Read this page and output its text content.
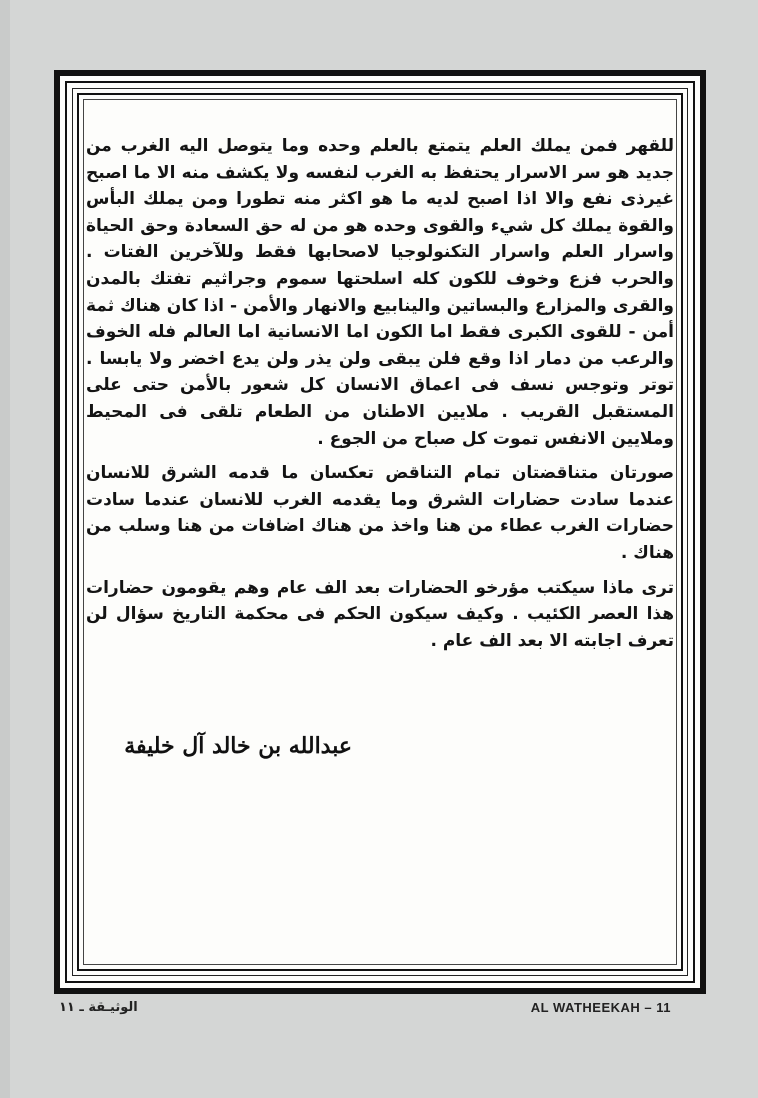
للقهر فمن يملك العلم يتمتع بالعلم وحده وما يتوصل اليه الغرب من جديد هو سر الاسرار يحتفظ به الغرب لنفسه ولا يكشف منه الا ما اصبح غيرذى نفع والا اذا اصبح لديه ما هو اكثر منه تطورا ومن يملك البأس والقوة يملك كل شيء والقوى وحده هو من له حق السعادة وحق الحياة واسرار العلم واسرار التكنولوجيا لاصحابها فقط وللآخرين الفتات . والحرب فزع وخوف للكون كله اسلحتها سموم وجراثيم تفتك بالمدن والقرى والمزارع والبساتين والينابيع والانهار والأمن - اذا كان هناك ثمة أمن - للقوى الكبرى فقط اما الكون اما الانسانية اما العالم فله الخوف والرعب من دمار اذا وقع فلن يبقى ولن يذر ولن يدع اخضر ولا يابسا . توتر وتوجس نسف فى اعماق الانسان كل شعور بالأمن حتى على المستقبل القريب . ملايين الاطنان من الطعام تلقى فى المحيط وملايين الانفس تموت كل صباح من الجوع .

صورتان متناقضتان تمام التناقض تعكسان ما قدمه الشرق للانسان عندما سادت حضارات الشرق وما يقدمه الغرب للانسان عندما سادت حضارات الغرب عطاء من هنا واخذ من هناك اضافات من هنا وسلب من هناك .

ترى ماذا سيكتب مؤرخو الحضارات بعد الف عام وهم يقومون حضارات هذا العصر الكئيب . وكيف سيكون الحكم فى محكمة التاريخ سؤال لن تعرف اجابته الا بعد الف عام .

عبدالله بن خالد آل خليفة
الوثيـقة ـ ١١	AL WATHEEKAH – 11
